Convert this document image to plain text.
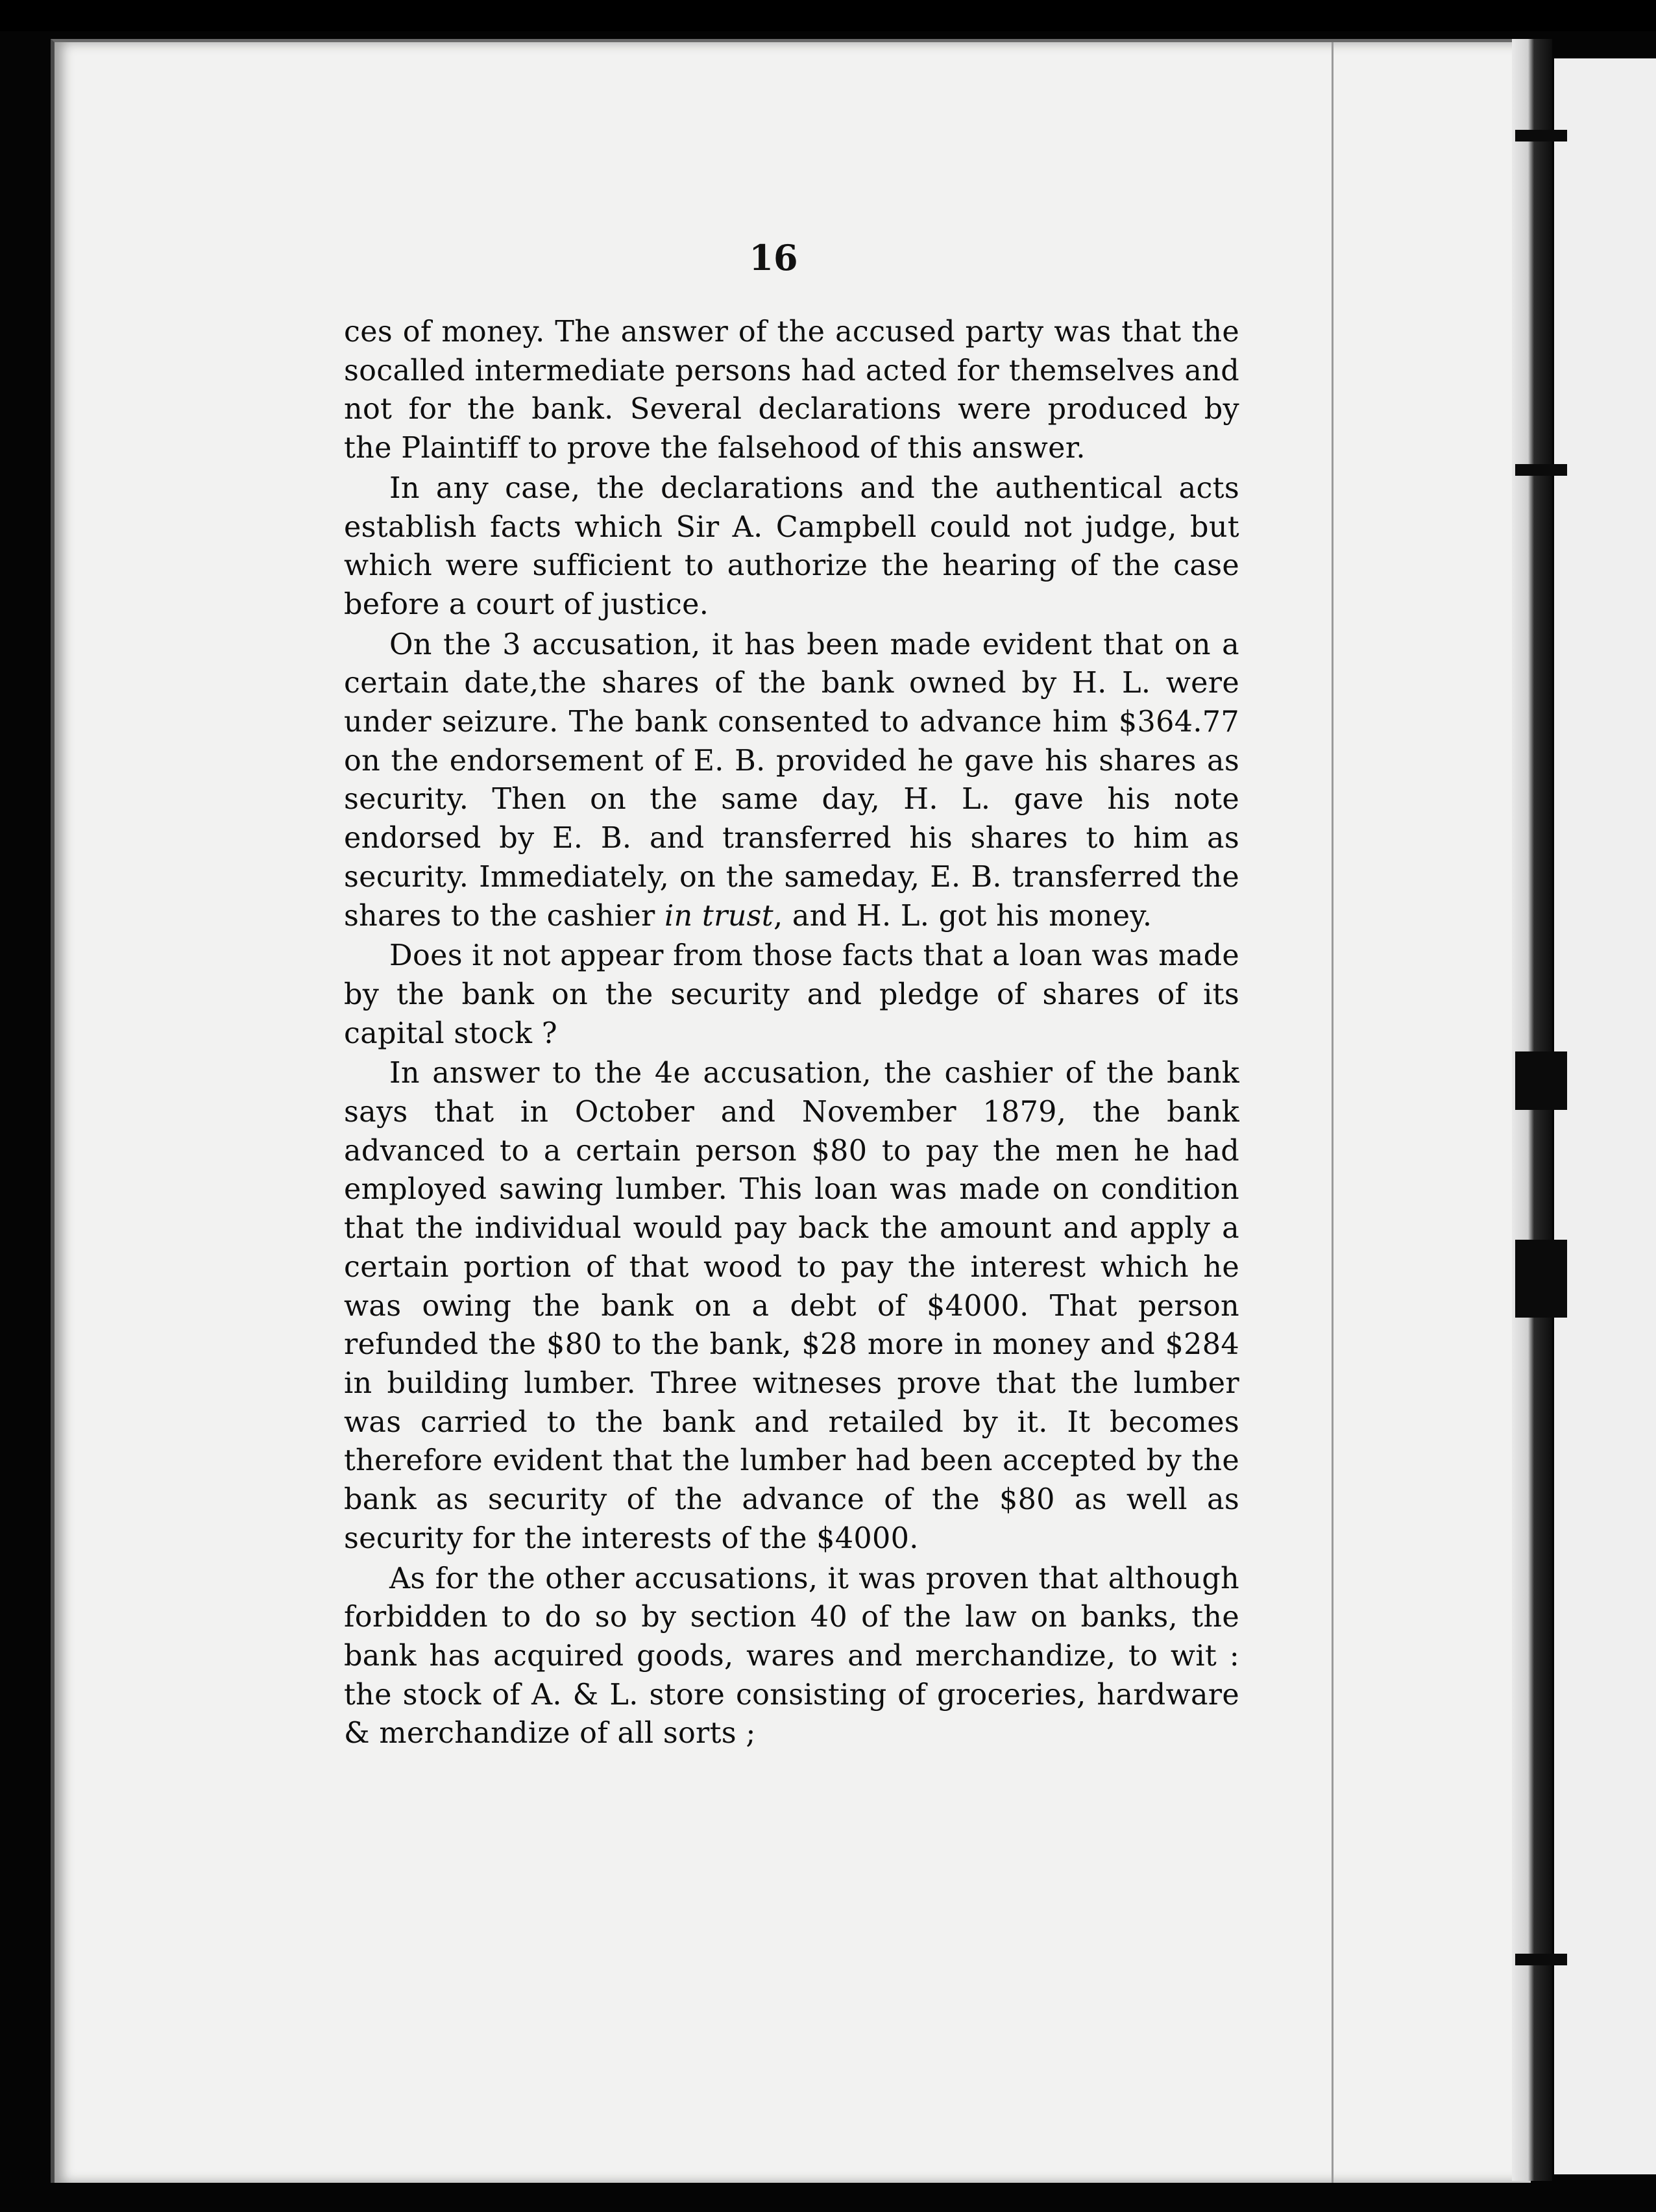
16

ces of money. The answer of the accused party was that the socalled intermediate persons had acted for themselves and not for the bank. Several declarations were produced by the Plaintiff to prove the falsehood of this answer.

In any case, the declarations and the authentical acts establish facts which Sir A. Campbell could not judge, but which were sufficient to authorize the hearing of the case before a court of justice.

On the 3 accusation, it has been made evident that on a certain date,the shares of the bank owned by H. L. were under seizure. The bank consented to advance him $364.77 on the endorsement of E. B. provided he gave his shares as security. Then on the same day, H. L. gave his note endorsed by E. B. and transferred his shares to him as security. Immediately, on the sameday, E. B. transferred the shares to the cashier in trust, and H. L. got his money.

Does it not appear from those facts that a loan was made by the bank on the security and pledge of shares of its capital stock ?

In answer to the 4e accusation, the cashier of the bank says that in October and November 1879, the bank advanced to a certain person $80 to pay the men he had employed sawing lumber. This loan was made on condition that the individual would pay back the amount and apply a certain portion of that wood to pay the interest which he was owing the bank on a debt of $4000. That person refunded the $80 to the bank, $28 more in money and $284 in building lumber. Three witneses prove that the lumber was carried to the bank and retailed by it. It becomes therefore evident that the lumber had been accepted by the bank as security of the advance of the $80 as well as security for the interests of the $4000.

As for the other accusations, it was proven that although forbidden to do so by section 40 of the law on banks, the bank has acquired goods, wares and merchandize, to wit : the stock of A. & L. store consisting of groceries, hardware & merchandize of all sorts ;
